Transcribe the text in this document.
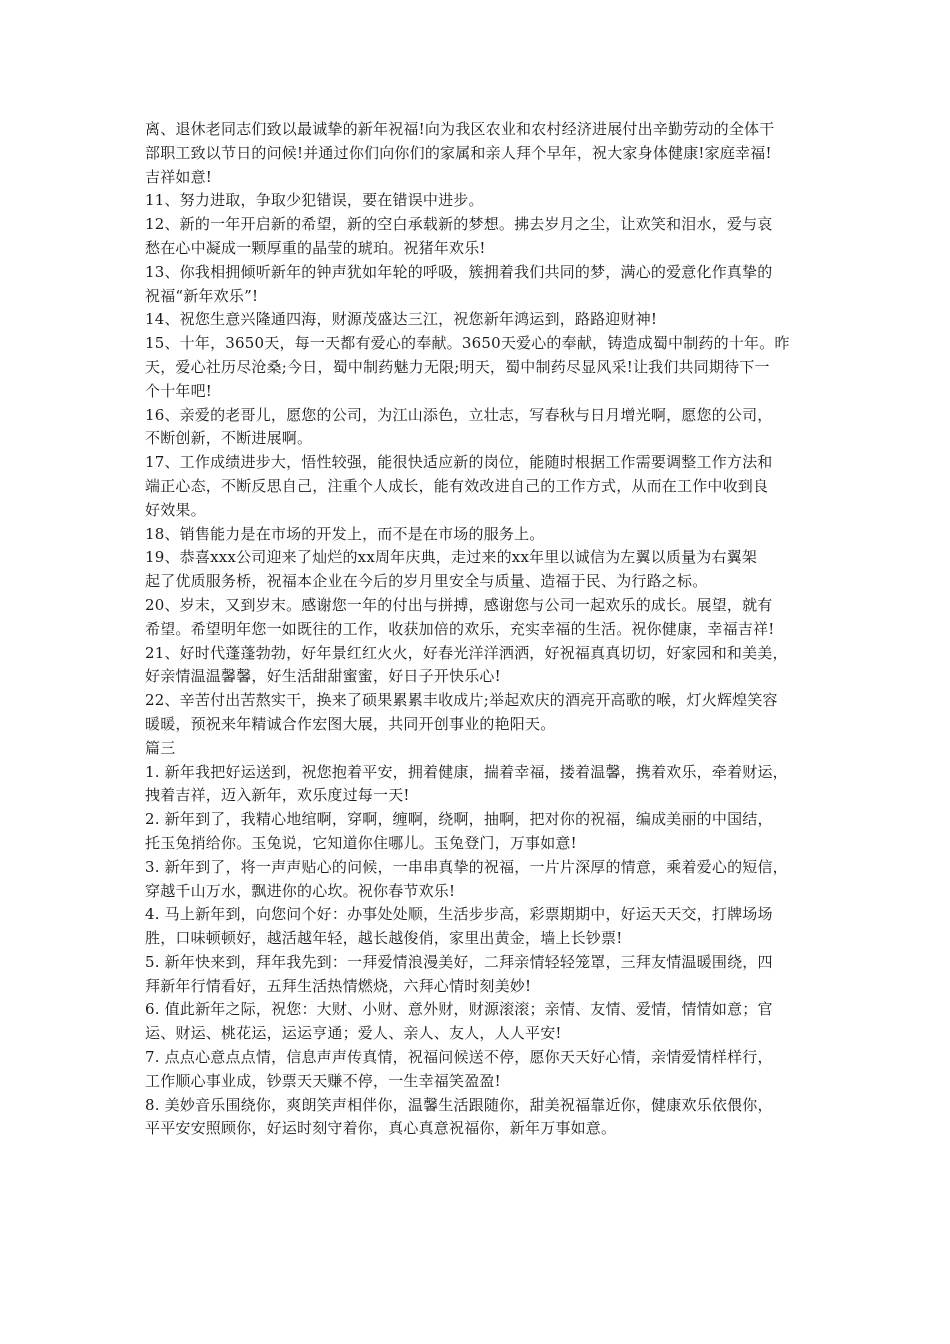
离、退休老同志们致以最诚挚的新年祝福!向为我区农业和农村经济进展付出辛勤劳动的全体干
部职工致以节日的问候!并通过你们向你们的家属和亲人拜个早年，祝大家身体健康!家庭幸福!
吉祥如意!
11、努力进取，争取少犯错误，要在错误中进步。
12、新的一年开启新的希望，新的空白承载新的梦想。拂去岁月之尘，让欢笑和泪水，爱与哀
愁在心中凝成一颗厚重的晶莹的琥珀。祝猪年欢乐!
13、你我相拥倾听新年的钟声犹如年轮的呼吸，簇拥着我们共同的梦，满心的爱意化作真挚的
祝福“新年欢乐”!
14、祝您生意兴隆通四海，财源茂盛达三江，祝您新年鸿运到，路路迎财神!
15、十年，3650天，每一天都有爱心的奉献。3650天爱心的奉献，铸造成蜀中制药的十年。昨
天，爱心社历尽沧桑;今日，蜀中制药魅力无限;明天，蜀中制药尽显风采!让我们共同期待下一
个十年吧!
16、亲爱的老哥儿，愿您的公司，为江山添色，立壮志，写春秋与日月增光啊，愿您的公司，
不断创新，不断进展啊。
17、工作成绩进步大，悟性较强，能很快适应新的岗位，能随时根据工作需要调整工作方法和
端正心态，不断反思自己，注重个人成长，能有效改进自己的工作方式，从而在工作中收到良
好效果。
18、销售能力是在市场的开发上，而不是在市场的服务上。
19、恭喜xxx公司迎来了灿烂的xx周年庆典，走过来的xx年里以诚信为左翼以质量为右翼架
起了优质服务桥，祝福本企业在今后的岁月里安全与质量、造福于民、为行路之标。
20、岁末，又到岁末。感谢您一年的付出与拼搏，感谢您与公司一起欢乐的成长。展望，就有
希望。希望明年您一如既往的工作，收获加倍的欢乐，充实幸福的生活。祝你健康，幸福吉祥!
21、好时代蓬蓬勃勃，好年景红红火火，好春光洋洋洒洒，好祝福真真切切，好家园和和美美，
好亲情温温馨馨，好生活甜甜蜜蜜，好日子开快乐心!
22、辛苦付出苦熬实干，换来了硕果累累丰收成片;举起欢庆的酒亮开高歌的喉，灯火辉煌笑容
暖暖，预祝来年精诚合作宏图大展，共同开创事业的艳阳天。
篇三
1. 新年我把好运送到，祝您抱着平安，拥着健康，揣着幸福，搂着温馨，携着欢乐，牵着财运，
拽着吉祥，迈入新年，欢乐度过每一天!
2. 新年到了，我精心地绾啊，穿啊，缠啊，绕啊，抽啊，把对你的祝福，编成美丽的中国结，
托玉兔捎给你。玉兔说，它知道你住哪儿。玉兔登门，万事如意!
3. 新年到了，将一声声贴心的问候，一串串真挚的祝福，一片片深厚的情意，乘着爱心的短信，
穿越千山万水，飘进你的心坎。祝你春节欢乐!
4. 马上新年到，向您问个好：办事处处顺，生活步步高，彩票期期中，好运天天交，打牌场场
胜，口味顿顿好，越活越年轻，越长越俊俏，家里出黄金，墙上长钞票!
5. 新年快来到，拜年我先到：一拜爱情浪漫美好，二拜亲情轻轻笼罩，三拜友情温暖围绕，四
拜新年行情看好，五拜生活热情燃烧，六拜心情时刻美妙!
6. 值此新年之际，祝您：大财、小财、意外财，财源滚滚；亲情、友情、爱情，情情如意；官
运、财运、桃花运，运运亨通；爱人、亲人、友人，人人平安!
7. 点点心意点点情，信息声声传真情，祝福问候送不停，愿你天天好心情，亲情爱情样样行，
工作顺心事业成，钞票天天赚不停，一生幸福笑盈盈!
8. 美妙音乐围绕你，爽朗笑声相伴你，温馨生活跟随你，甜美祝福靠近你，健康欢乐依偎你，
平平安安照顾你，好运时刻守着你，真心真意祝福你，新年万事如意。
